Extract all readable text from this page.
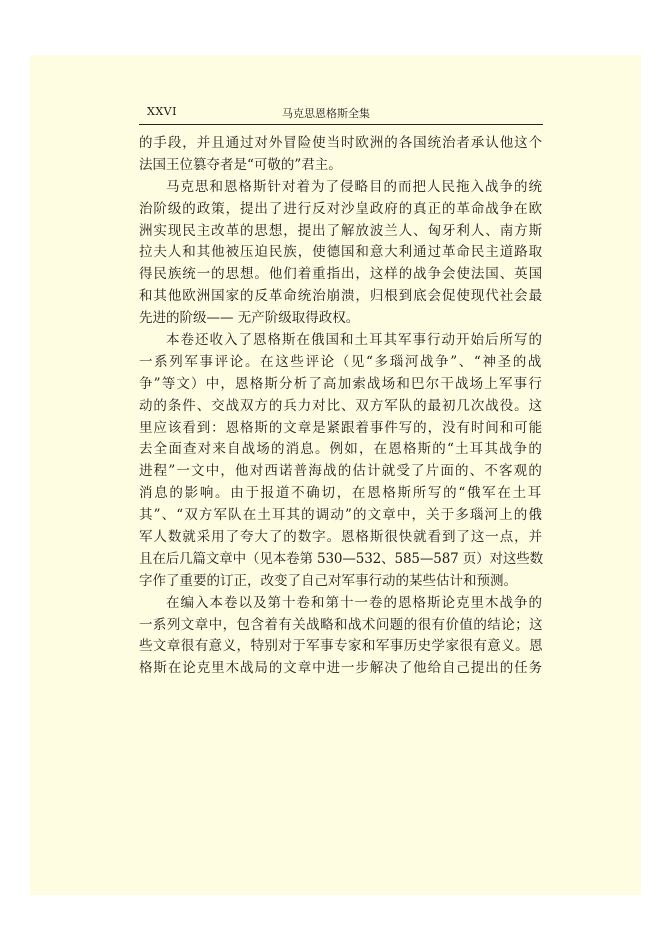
XXVI	马克思恩格斯全集
的手段，并且通过对外冒险使当时欧洲的各国统治者承认他这个
法国王位篡夺者是“可敬的”君主。
马克思和恩格斯针对着为了侵略目的而把人民拖入战争的统
治阶级的政策，提出了进行反对沙皇政府的真正的革命战争在欧
洲实现民主改革的思想，提出了解放波兰人、匈牙利人、南方斯
拉夫人和其他被压迫民族，使德国和意大利通过革命民主道路取
得民族统一的思想。他们着重指出，这样的战争会使法国、英国
和其他欧洲国家的反革命统治崩溃，归根到底会促使现代社会最
先进的阶级—— 无产阶级取得政权。
本卷还收入了恩格斯在俄国和土耳其军事行动开始后所写的
一系列军事评论。在这些评论（见“多瑙河战争”、“神圣的战
争”等文）中，恩格斯分析了高加索战场和巴尔干战场上军事行
动的条件、交战双方的兵力对比、双方军队的最初几次战役。这
里应该看到：恩格斯的文章是紧跟着事件写的，没有时间和可能
去全面查对来自战场的消息。例如，在恩格斯的“土耳其战争的
进程”一文中，他对西诺普海战的估计就受了片面的、不客观的
消息的影响。由于报道不确切，在恩格斯所写的“俄军在土耳
其”、“双方军队在土耳其的调动”的文章中，关于多瑙河上的俄
军人数就采用了夸大了的数字。恩格斯很快就看到了这一点，并
且在后几篇文章中（见本卷第 530—532、585—587 页）对这些数
字作了重要的订正，改变了自己对军事行动的某些估计和预测。
在编入本卷以及第十卷和第十一卷的恩格斯论克里木战争的
一系列文章中，包含着有关战略和战术问题的很有价值的结论；这
些文章很有意义，特别对于军事专家和军事历史学家很有意义。恩
格斯在论克里木战局的文章中进一步解决了他给自己提出的任务
